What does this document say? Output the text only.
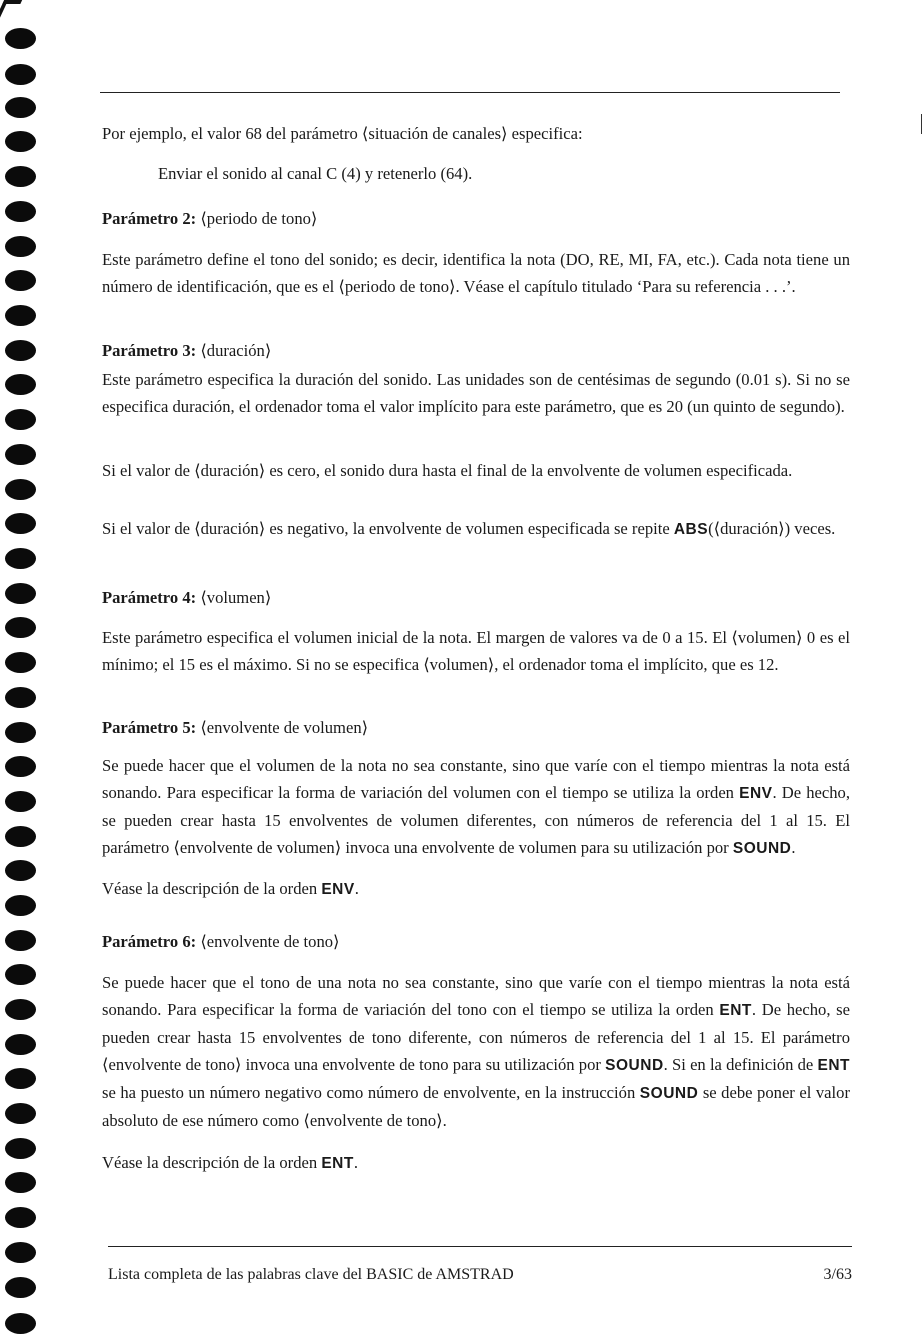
Por ejemplo, el valor 68 del parámetro ⟨situación de canales⟩ especifica:
Enviar el sonido al canal C (4) y retenerlo (64).
Parámetro 2: ⟨periodo de tono⟩
Este parámetro define el tono del sonido; es decir, identifica la nota (DO, RE, MI, FA, etc.). Cada nota tiene un número de identificación, que es el ⟨periodo de tono⟩. Véase el capítulo titulado ‘Para su referencia . . .’.
Parámetro 3: ⟨duración⟩
Este parámetro especifica la duración del sonido. Las unidades son de centésimas de segundo (0.01 s). Si no se especifica duración, el ordenador toma el valor implícito para este parámetro, que es 20 (un quinto de segundo).
Si el valor de ⟨duración⟩ es cero, el sonido dura hasta el final de la envolvente de volumen especificada.
Si el valor de ⟨duración⟩ es negativo, la envolvente de volumen especificada se repite ABS(⟨duración⟩) veces.
Parámetro 4: ⟨volumen⟩
Este parámetro especifica el volumen inicial de la nota. El margen de valores va de 0 a 15. El ⟨volumen⟩ 0 es el mínimo; el 15 es el máximo. Si no se especifica ⟨volumen⟩, el ordenador toma el implícito, que es 12.
Parámetro 5: ⟨envolvente de volumen⟩
Se puede hacer que el volumen de la nota no sea constante, sino que varíe con el tiempo mientras la nota está sonando. Para especificar la forma de variación del volumen con el tiempo se utiliza la orden ENV. De hecho, se pueden crear hasta 15 envolventes de volumen diferentes, con números de referencia del 1 al 15. El parámetro ⟨envolvente de volumen⟩ invoca una envolvente de volumen para su utilización por SOUND.
Véase la descripción de la orden ENV.
Parámetro 6: ⟨envolvente de tono⟩
Se puede hacer que el tono de una nota no sea constante, sino que varíe con el tiempo mientras la nota está sonando. Para especificar la forma de variación del tono con el tiempo se utiliza la orden ENT. De hecho, se pueden crear hasta 15 envolventes de tono diferente, con números de referencia del 1 al 15. El parámetro ⟨envolvente de tono⟩ invoca una envolvente de tono para su utilización por SOUND. Si en la definición de ENT se ha puesto un número negativo como número de envolvente, en la instrucción SOUND se debe poner el valor absoluto de ese número como ⟨envolvente de tono⟩.
Véase la descripción de la orden ENT.
Lista completa de las palabras clave del BASIC de AMSTRAD	3/63
